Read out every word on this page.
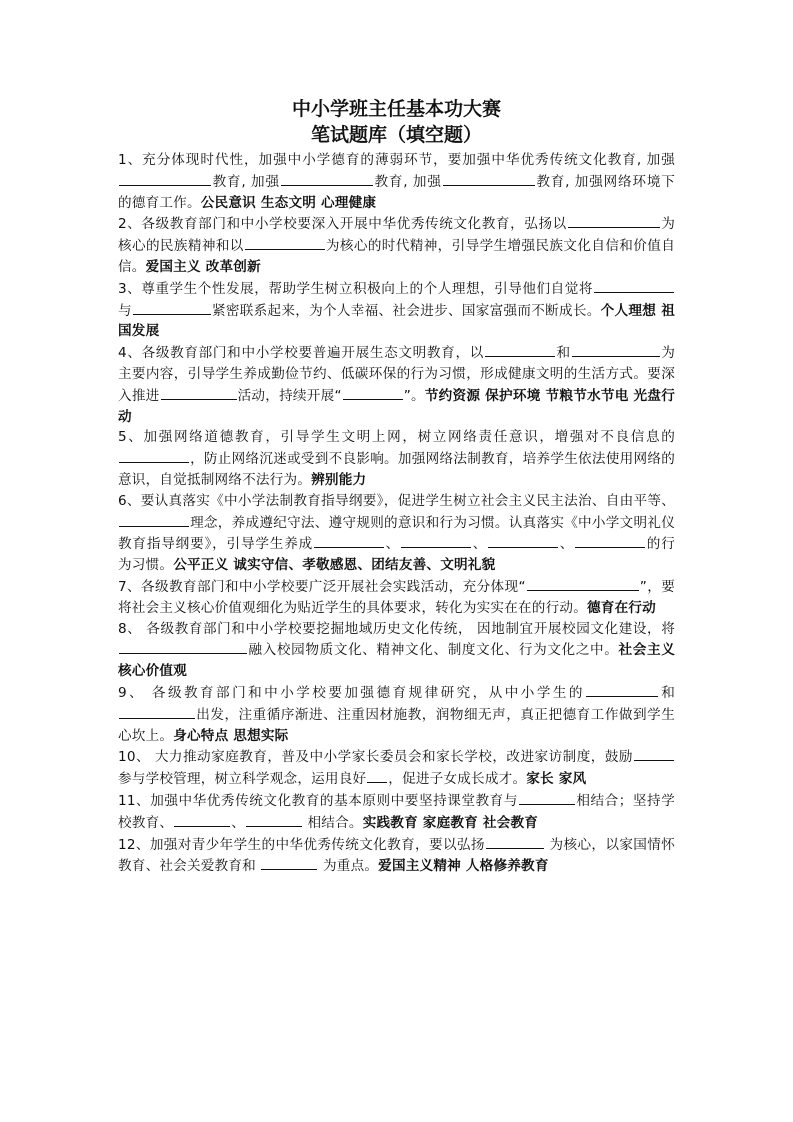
中小学班主任基本功大赛
笔试题库（填空题）

1、充分体现时代性，加强中小学德育的薄弱环节，要加强中华优秀传统文化教育, 加强教育, 加强	教育, 加强	教育, 加强网络环境下的德育工作。公民意识 生态文明 心理健康

2、各级教育部门和中小学校要深入开展中华优秀传统文化教育，弘扬以	为核心的民族精神和以	为核心的时代精神，引导学生增强民族文化自信和价值自信。爱国主义 改革创新

3、尊重学生个性发展，帮助学生树立积极向上的个人理想，引导他们自觉将与	紧密联系起来，为个人幸福、社会进步、国家富强而不断成长。个人理想 祖国发展

4、各级教育部门和中小学校要普遍开展生态文明教育，以	和	为主要内容，引导学生养成勤俭节约、低碳环保的行为习惯，形成健康文明的生活方式。要深入推进	活动，持续开展“	”。节约资源 保护环境 节粮节水节电 光盘行动

5、加强网络道德教育，引导学生文明上网，树立网络责任意识，增强对不良信息的，防止网络沉迷或受到不良影响。加强网络法制教育，培养学生依法使用网络的意识，自觉抵制网络不法行为。辨别能力

6、要认真落实《中小学法制教育指导纲要》，促进学生树立社会主义民主法治、自由平等、理念，养成遵纪守法、遵守规则的意识和行为习惯。认真落实《中小学文明礼仪教育指导纲要》，引导学生养成	、	、	、	的行为习惯。公平正义 诚实守信、孝敬感恩、团结友善、文明礼貌

7、各级教育部门和中小学校要广泛开展社会实践活动，充分体现“	”，要将社会主义核心价值观细化为贴近学生的具体要求，转化为实实在在的行动。德育在行动

8、 各级教育部门和中小学校要挖掘地域历史文化传统， 因地制宜开展校园文化建设，将融入校园物质文化、精神文化、制度文化、行为文化之中。社会主义核心价值观

9、 各级教育部门和中小学校要加强德育规律研究，从中小学生的	和出发，注重循序渐进、注重因材施教，润物细无声，真正把德育工作做到学生心坎上。身心特点 思想实际

10、 大力推动家庭教育，普及中小学家长委员会和家长学校，改进家访制度，鼓励参与学校管理，树立科学观念，运用良好 ，促进子女成长成才。家长 家风

11、加强中华优秀传统文化教育的基本原则中要坚持课堂教育与	相结合；坚持学校教育、	、	相结合。实践教育 家庭教育 社会教育

12、加强对青少年学生的中华优秀传统文化教育，要以弘扬	为核心，以家国情怀教育、社会关爱教育和	为重点。爱国主义精神 人格修养教育
